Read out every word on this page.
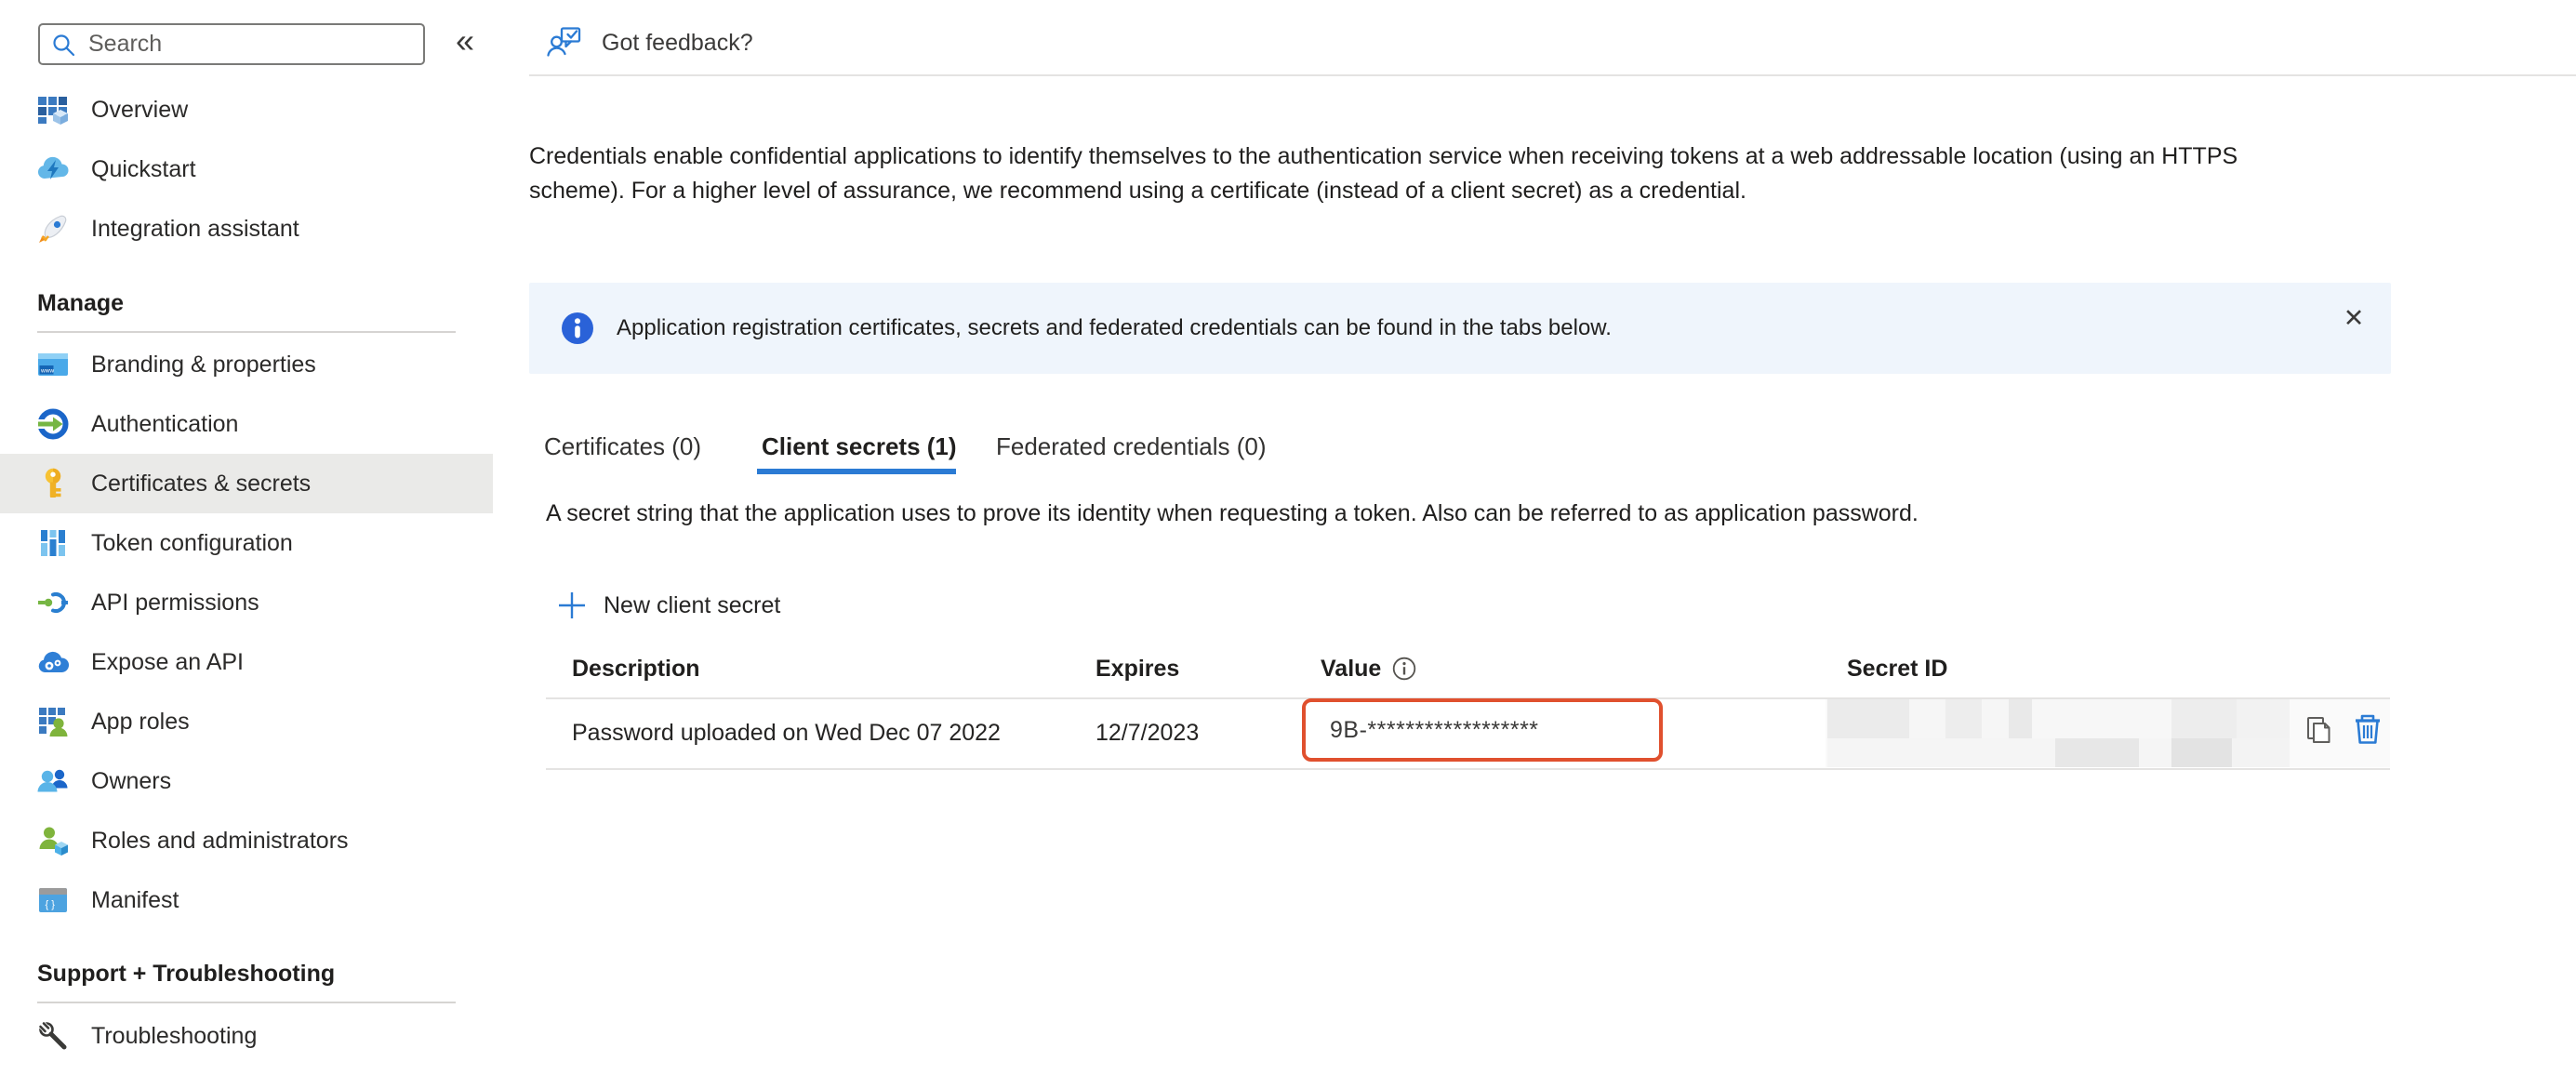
Search
«
Overview
Quickstart
Integration assistant
Manage
www Branding & properties
Authentication
Certificates & secrets
Token configuration
API permissions
Expose an API
App roles
Owners
Roles and administrators
{ } Manifest
Support + Troubleshooting
Troubleshooting
Got feedback?
Credentials enable confidential applications to identify themselves to the authentication service when receiving tokens at a web addressable location (using an HTTPS scheme). For a higher level of assurance, we recommend using a certificate (instead of a client secret) as a credential.
Application registration certificates, secrets and federated credentials can be found in the tabs below.	✕
Certificates (0) Client secrets (1) Federated credentials (0)
A secret string that the application uses to prove its identity when requesting a token. Also can be referred to as application password.
New client secret
Description	Expires	Value	Secret ID
Password uploaded on Wed Dec 07 2022	12/7/2023	9B-******************
